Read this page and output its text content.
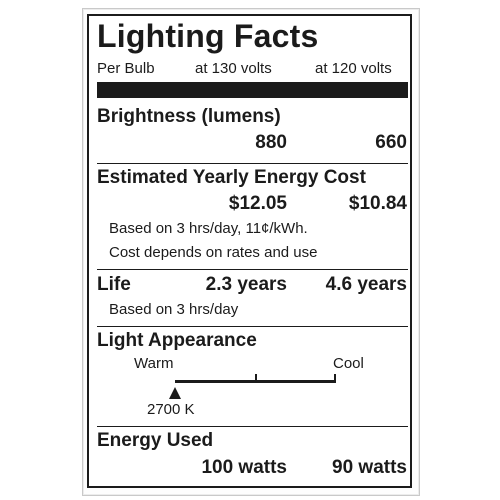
Lighting Facts
Per Bulb	at 130 volts	at 120 volts
Brightness (lumens)
880	660
Estimated Yearly Energy Cost
$12.05	$10.84
Based on 3 hrs/day, 11¢/kWh.
Cost depends on rates and use
Life	2.3 years	4.6 years
Based on 3 hrs/day
Light Appearance
Warm	Cool
2700 K
Energy Used
100 watts	90 watts
